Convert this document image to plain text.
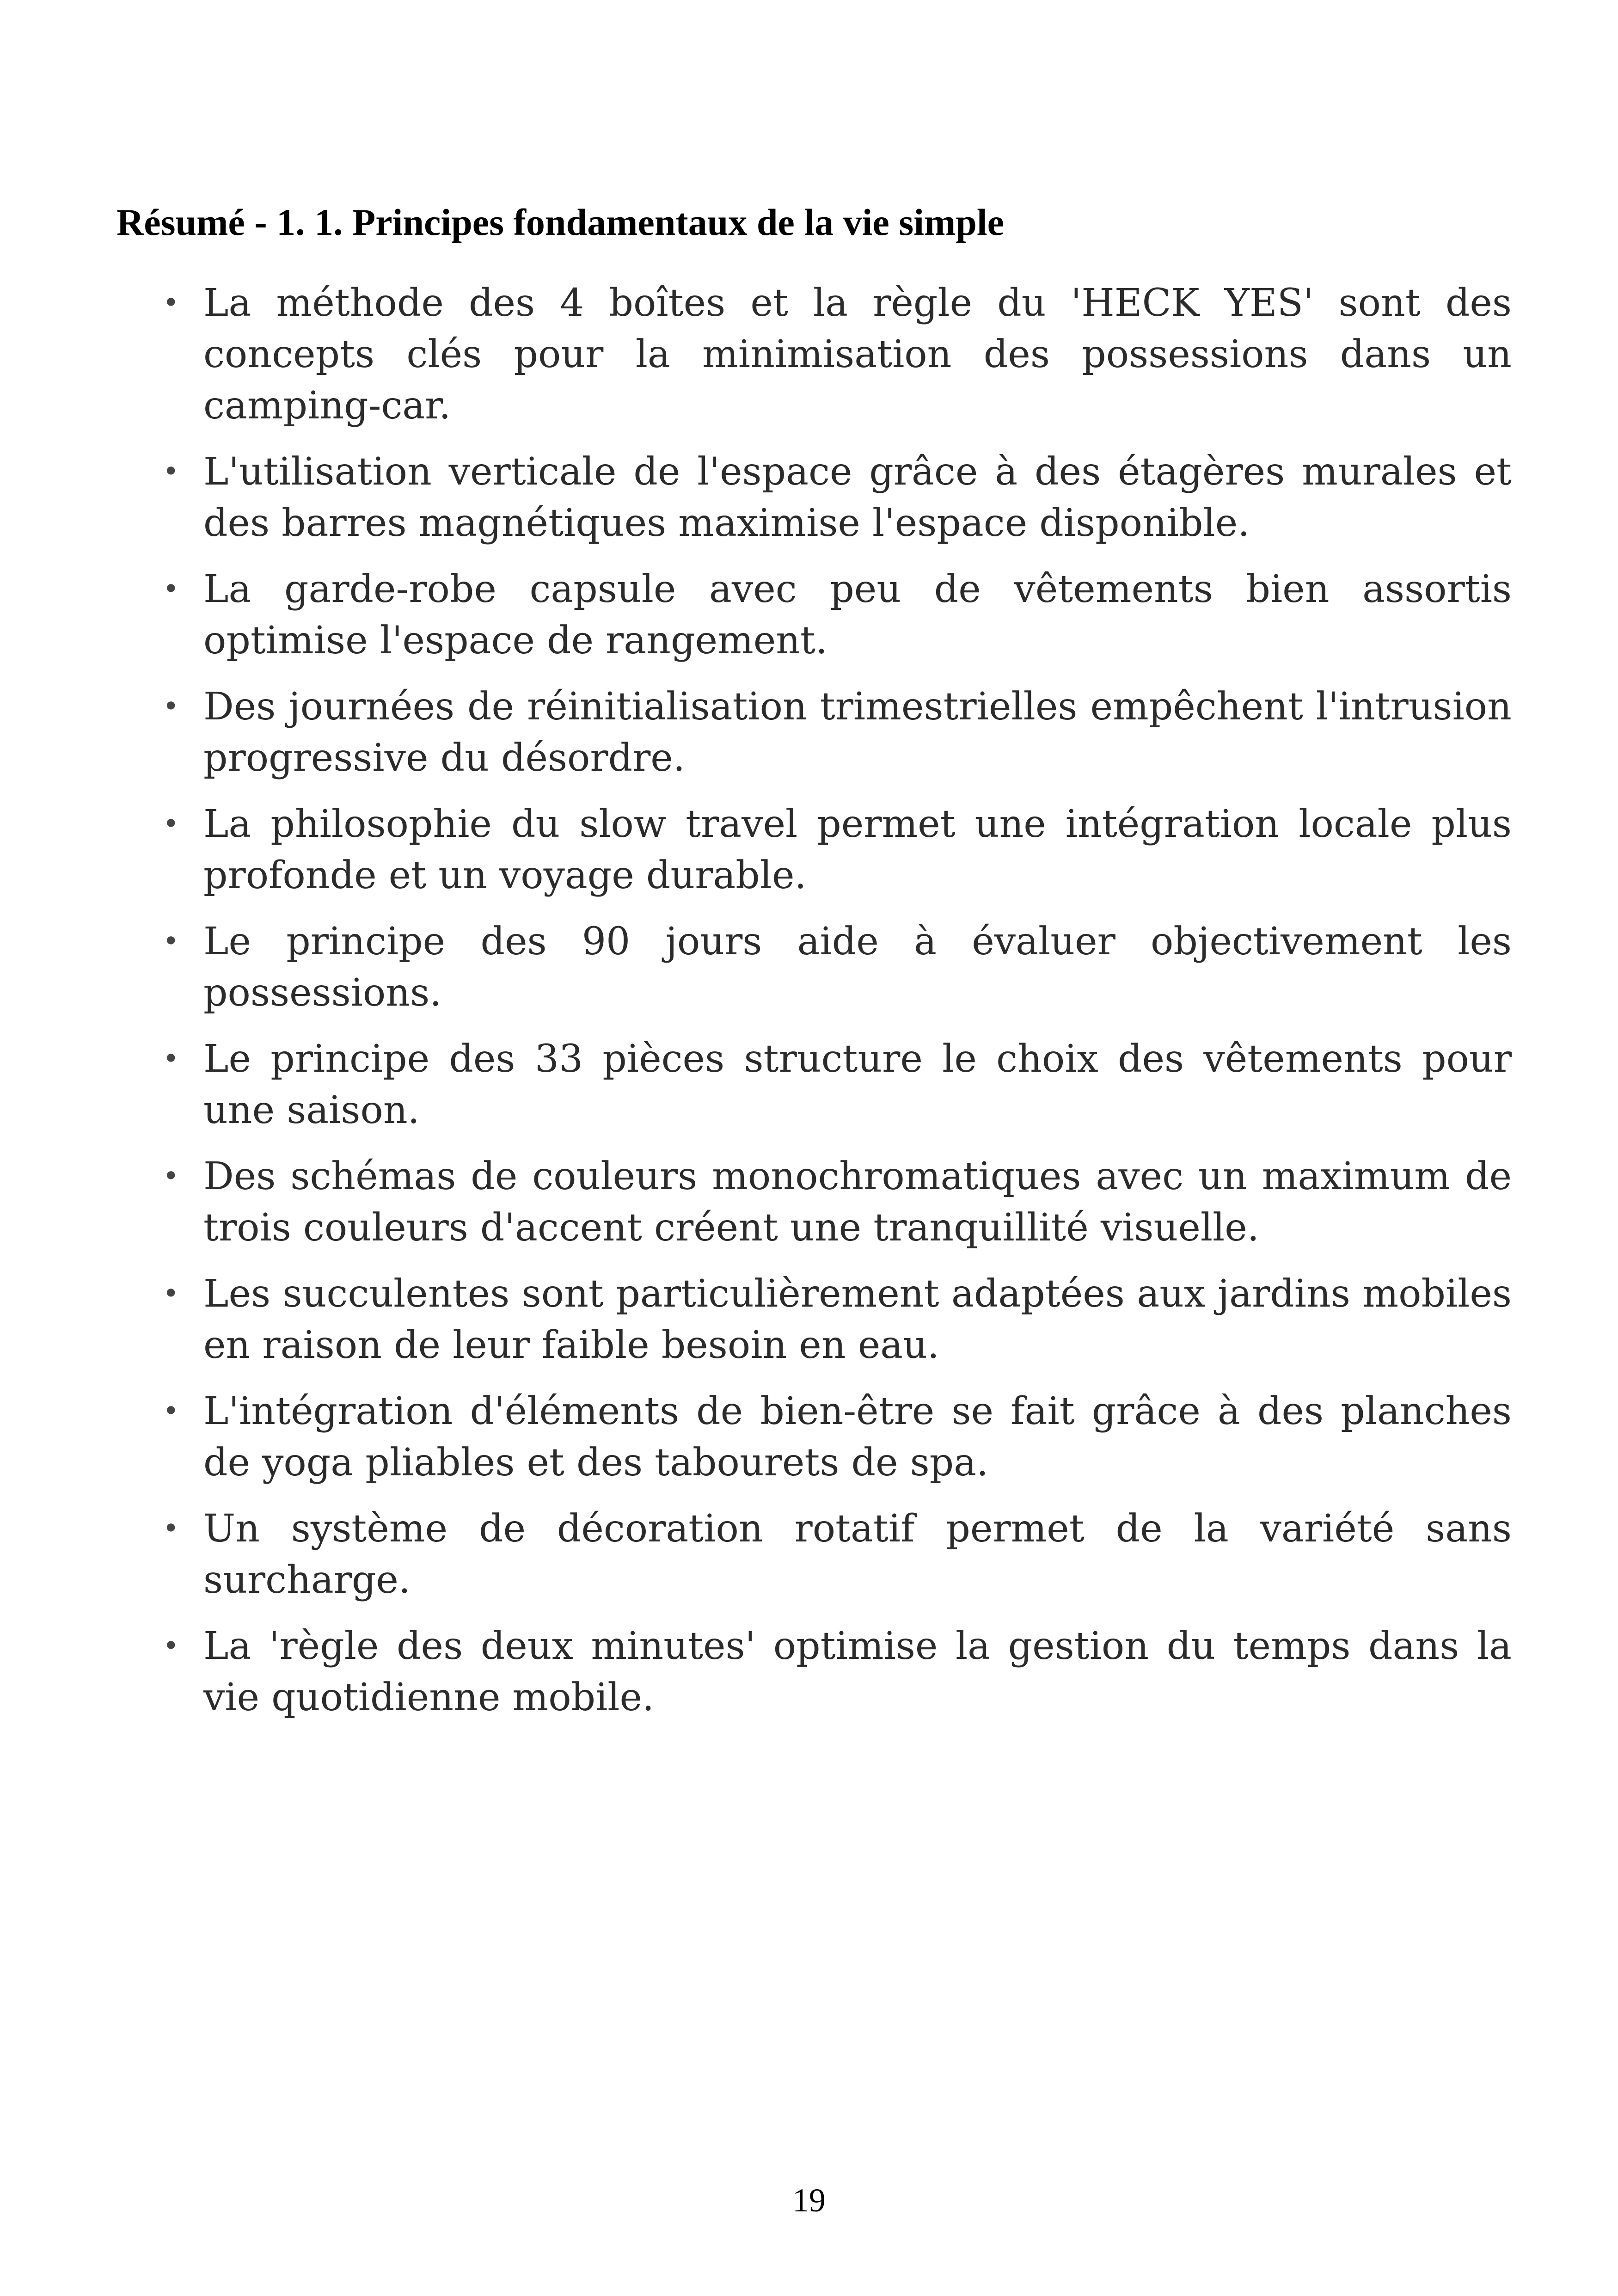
Résumé - 1. 1. Principes fondamentaux de la vie simple
• La méthode des 4 boîtes et la règle du 'HECK YES' sont des concepts clés pour la minimisation des possessions dans un camping-car.
• L'utilisation verticale de l'espace grâce à des étagères murales et des barres magnétiques maximise l'espace disponible.
• La garde-robe capsule avec peu de vêtements bien assortis optimise l'espace de rangement.
• Des journées de réinitialisation trimestrielles empêchent l'intrusion progressive du désordre.
• La philosophie du slow travel permet une intégration locale plus profonde et un voyage durable.
• Le principe des 90 jours aide à évaluer objectivement les possessions.
• Le principe des 33 pièces structure le choix des vêtements pour une saison.
• Des schémas de couleurs monochromatiques avec un maximum de trois couleurs d'accent créent une tranquillité visuelle.
• Les succulentes sont particulièrement adaptées aux jardins mobiles en raison de leur faible besoin en eau.
• L'intégration d'éléments de bien-être se fait grâce à des planches de yoga pliables et des tabourets de spa.
• Un système de décoration rotatif permet de la variété sans surcharge.
• La 'règle des deux minutes' optimise la gestion du temps dans la vie quotidienne mobile.

19
